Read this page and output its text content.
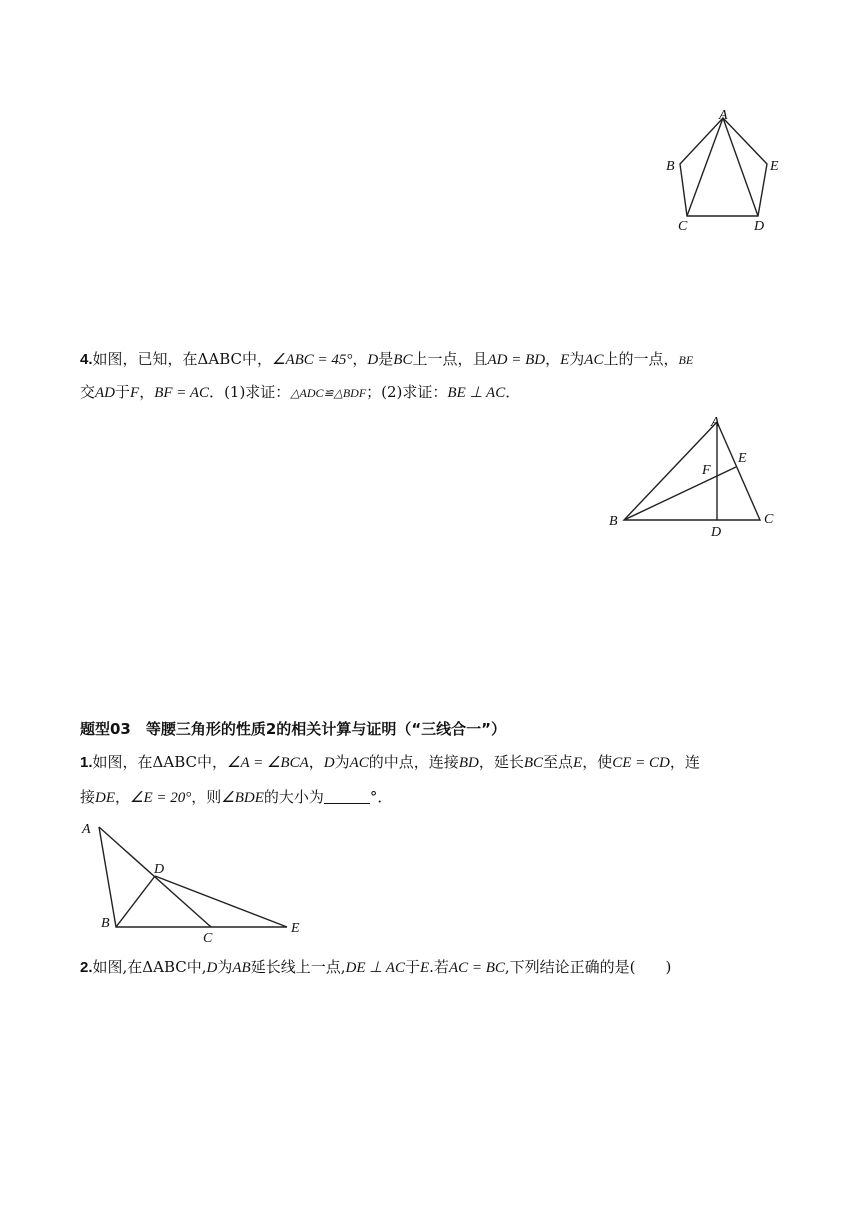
A
B	E
C	D
4.如图，已知，在ΔABC中，∠ABC = 45°，D是BC上一点，且AD = BD，E为AC上的一点，BE
交AD于F，BF = AC．(1)求证：△ADC≌△BDF；(2)求证：BE ⊥ AC．
A
E
F
B
D
C
题型03　等腰三角形的性质2的相关计算与证明（“三线合一”）
1.如图，在ΔABC中，∠A = ∠BCA，D为AC的中点，连接BD，延长BC至点E，使CE = CD，连
接DE，∠E = 20°，则∠BDE的大小为	°．
A
D
B
C
E
2.如图,在ΔABC中,D为AB延长线上一点,DE ⊥ AC于E.若AC = BC,下列结论正确的是(　　)
